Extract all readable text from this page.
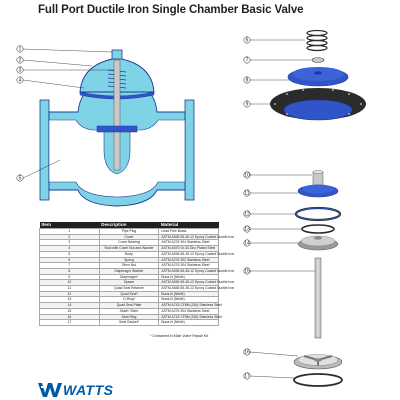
Full Port Ductile Iron Single Chamber Basic Valve
1
2
3
4
5
6
7
8
9
10
11
12
13
14
15
16
17
Item	Description	Material
1	Pipe Plug	Lead Free Brass
2	Cover	ASTM A536 65-45-12 Epoxy Coated Ductile Iron
3	Cover Bearing	ASTM A276 304 Stainless Steel
4	Stud with Cover Nut and Washer	ASTM A570 Gr.33 Zinc Plated Steel
5	Body	ASTM A536 65-45-12 Epoxy Coated Ductile Iron
6	Spring	ASTM A276 302 Stainless Steel
7	Stem Nut	ASTM A276 304 Stainless Steel
8	Diaphragm Washer	ASTM A536 65-45-12 Epoxy Coated Ductile Iron
9	Diaphragm*	Buna-N (Nitrile)
10	Spacer	ASTM A536 65-45-12 Epoxy Coated Ductile Iron
11	Quad Seal Retainer	ASTM A536 65-45-12 Epoxy Coated Ductile Iron
12	Quad Seal*	Buna-N (Nitrile)
13	O-Ring*	Buna-N (Nitrile)
14	Quad Seal Plate	ASTM A743 CF8M (316) Stainless Steel
15	Shaft / Stem	ASTM A276 304 Stainless Steel
16	Seat Ring	ASTM A743 CF8M (316) Stainless Steel
17	Seat Gasket*	Buna-N (Nitrile)
* Contained in Main Valve Repair Kit
WATTS
